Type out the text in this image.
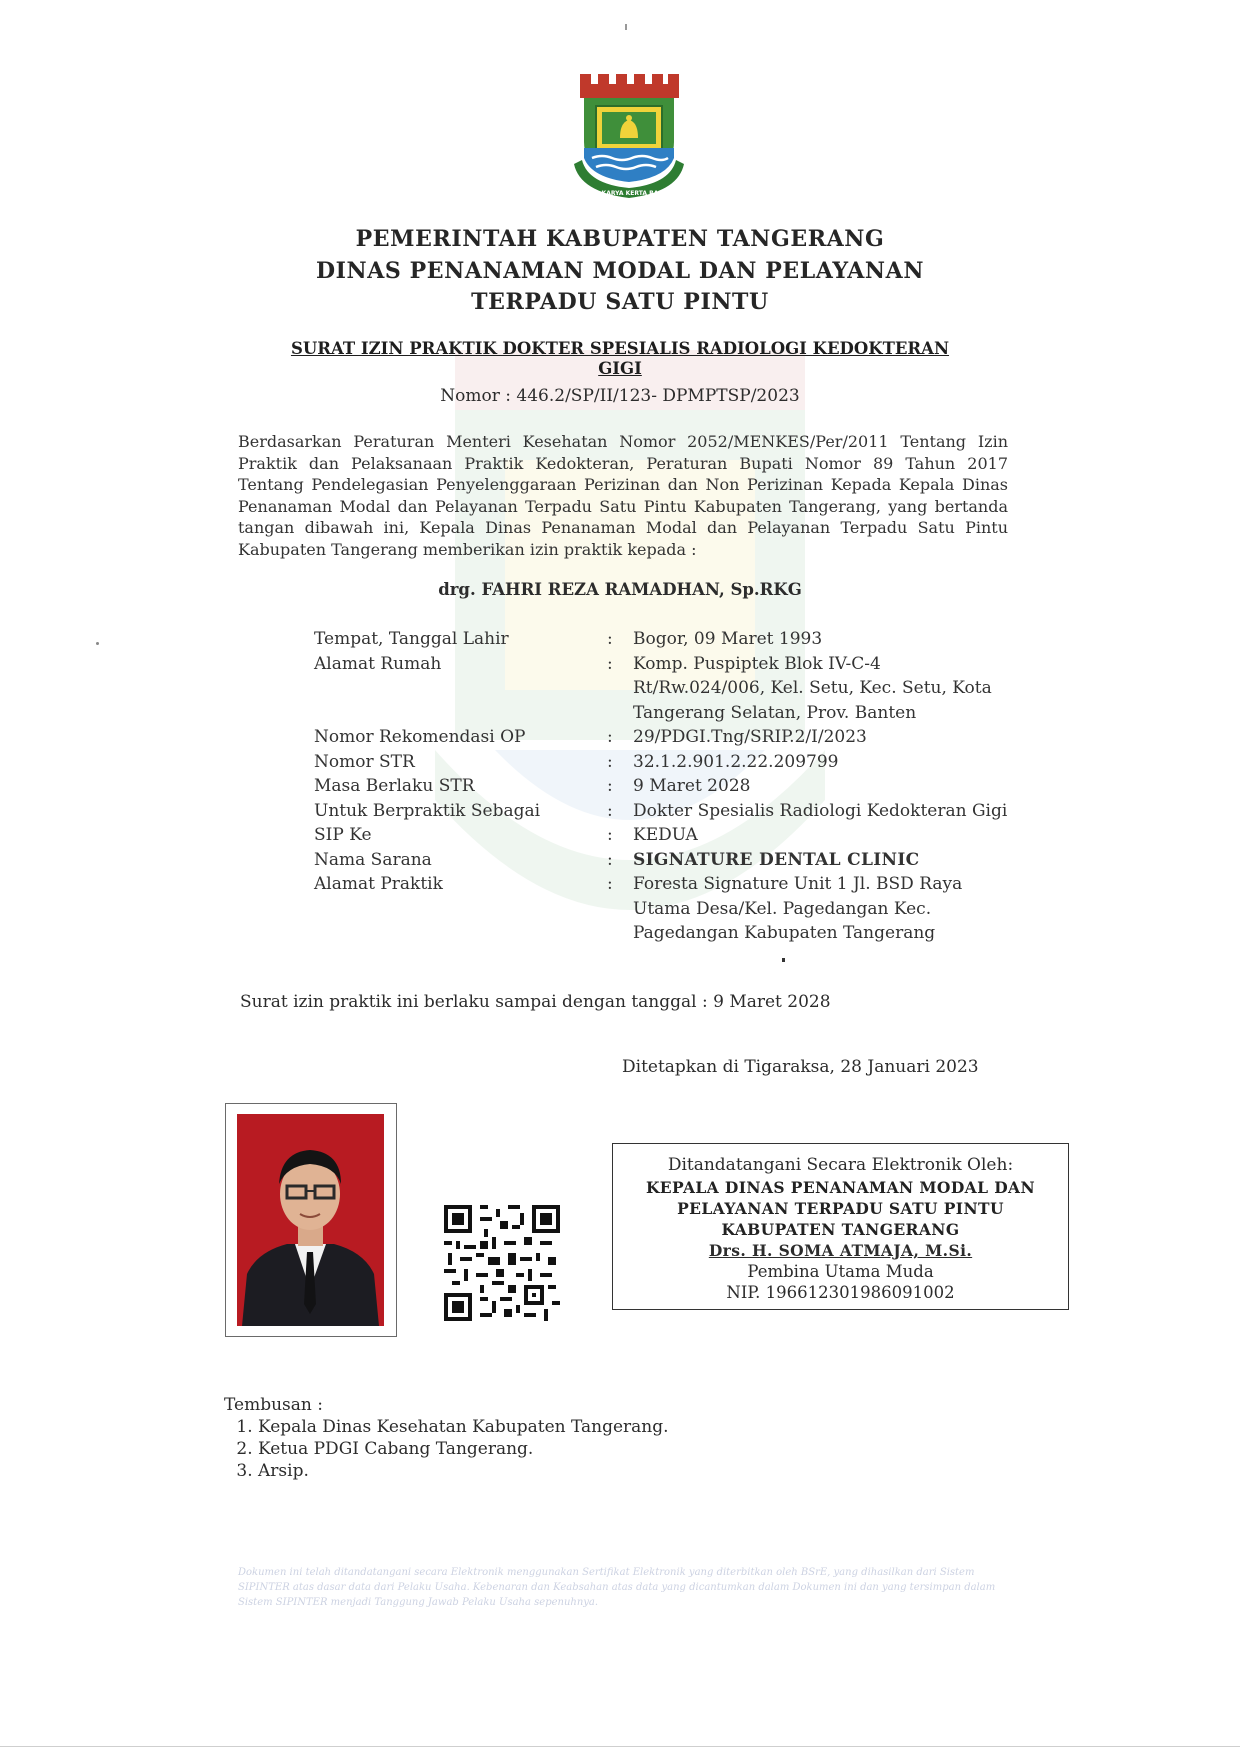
SATYA KARYA KERTA RAHARJA
PEMERINTAH KABUPATEN TANGERANG
DINAS PENANAMAN MODAL DAN PELAYANAN
TERPADU SATU PINTU
SURAT IZIN PRAKTIK DOKTER SPESIALIS RADIOLOGI KEDOKTERAN
GIGI
Nomor : 446.2/SP/II/123- DPMPTSP/2023
Berdasarkan Peraturan Menteri Kesehatan Nomor 2052/MENKES/Per/2011 Tentang Izin Praktik dan Pelaksanaan Praktik Kedokteran, Peraturan Bupati Nomor 89 Tahun 2017 Tentang Pendelegasian Penyelenggaraan Perizinan dan Non Perizinan Kepada Kepala Dinas Penanaman Modal dan Pelayanan Terpadu Satu Pintu Kabupaten Tangerang, yang bertanda tangan dibawah ini, Kepala Dinas Penanaman Modal dan Pelayanan Terpadu Satu Pintu Kabupaten Tangerang memberikan izin praktik kepada :
drg. FAHRI REZA RAMADHAN, Sp.RKG
Tempat, Tanggal Lahir	:	Bogor, 09 Maret 1993
Alamat Rumah	:	Komp. Puspiptek Blok IV-C-4
Rt/Rw.024/006, Kel. Setu, Kec. Setu, Kota
Tangerang Selatan, Prov. Banten
Nomor Rekomendasi OP	:	29/PDGI.Tng/SRIP.2/I/2023
Nomor STR	:	32.1.2.901.2.22.209799
Masa Berlaku STR	:	9 Maret 2028
Untuk Berpraktik Sebagai	:	Dokter Spesialis Radiologi Kedokteran Gigi
SIP Ke	:	KEDUA
Nama Sarana	:	SIGNATURE DENTAL CLINIC
Alamat Praktik	:	Foresta Signature Unit 1 Jl. BSD Raya
Utama Desa/Kel. Pagedangan Kec.
Pagedangan Kabupaten Tangerang
Surat izin praktik ini berlaku sampai dengan tanggal : 9 Maret 2028
Ditetapkan di Tigaraksa, 28 Januari 2023
Ditandatangani Secara Elektronik Oleh:
KEPALA DINAS PENANAMAN MODAL DAN
PELAYANAN TERPADU SATU PINTU
KABUPATEN TANGERANG
Drs. H. SOMA ATMAJA, M.Si.
Pembina Utama Muda
NIP. 196612301986091002
Tembusan :
1. Kepala Dinas Kesehatan Kabupaten Tangerang.
2. Ketua PDGI Cabang Tangerang.
3. Arsip.
Dokumen ini telah ditandatangani secara Elektronik menggunakan Sertifikat Elektronik yang diterbitkan oleh BSrE, yang dihasilkan dari Sistem SIPINTER atas dasar data dari Pelaku Usaha. Kebenaran dan Keabsahan atas data yang dicantumkan dalam Dokumen ini dan yang tersimpan dalam Sistem SIPINTER menjadi Tanggung Jawab Pelaku Usaha sepenuhnya.
